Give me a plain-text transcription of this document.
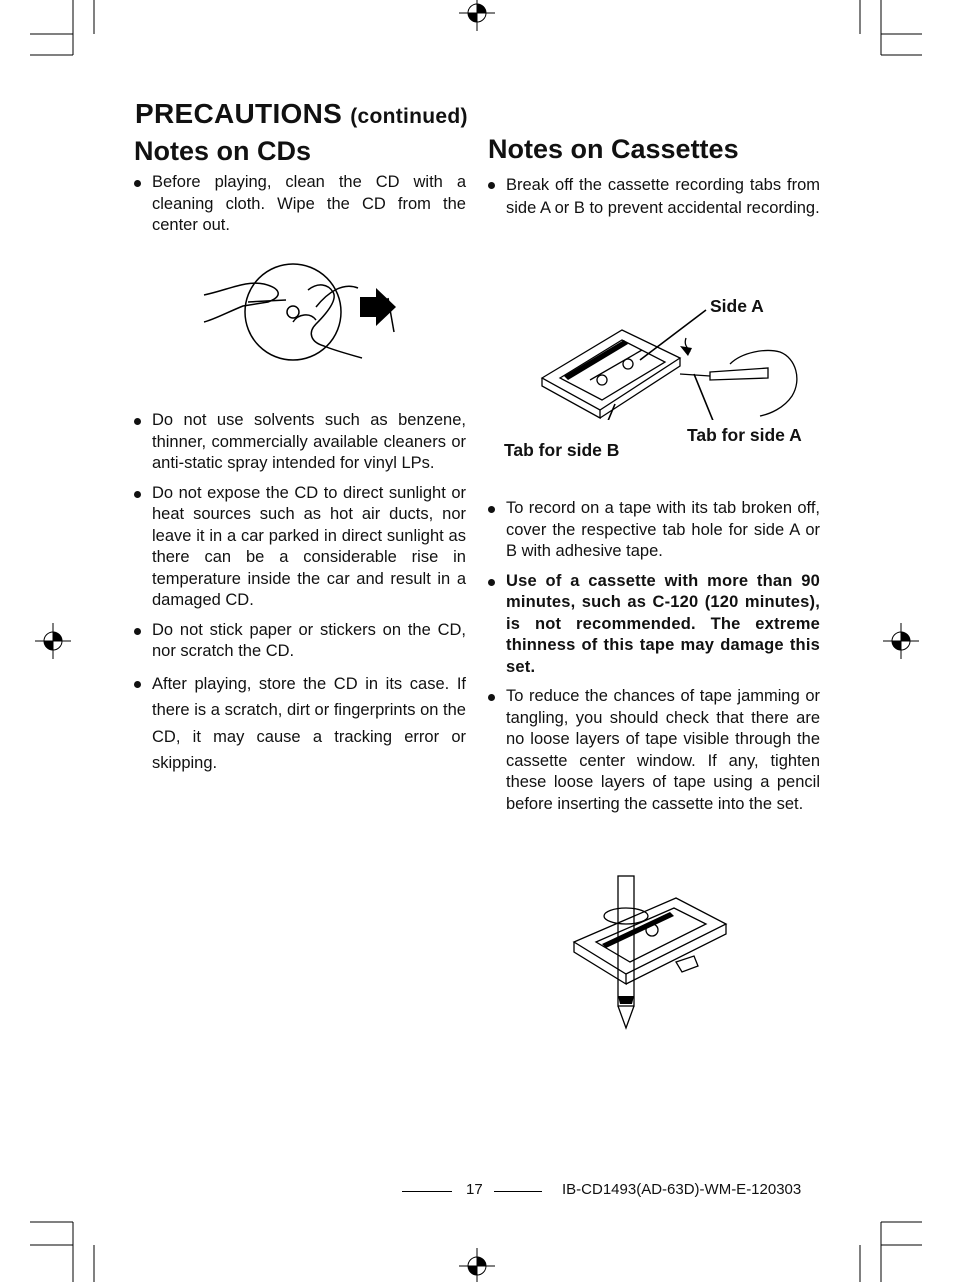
PRECAUTIONS (continued)
Notes on CDs
Before playing, clean the CD with a cleaning cloth. Wipe the CD from the center out.
Do not use solvents such as benzene, thinner, commercially available cleaners or anti-static spray intended for vinyl LPs.
Do not expose the CD to direct sunlight or heat sources such as hot air ducts, nor leave it in a car parked in direct sunlight as there can be a considerable rise in temperature inside the car and result in a damaged CD.
Do not stick paper or stickers on the CD, nor scratch the CD.
After playing, store the CD in its case. If there is a scratch, dirt or fingerprints on the CD, it may cause a tracking error or skipping.
Notes on Cassettes
Break off the cassette recording tabs from side A or B to prevent accidental recording.
Side A
Tab for side A
Tab for side B
To record on a tape with its tab broken off, cover the respective tab hole for side A or B with adhesive tape.
Use of a cassette with more than 90 minutes, such as C-120 (120 minutes), is not recommended. The extreme thinness of this tape may damage this set.
To reduce the chances of tape jamming or tangling, you should check that there are no loose layers of tape visible through the cassette center window. If any, tighten these loose layers of tape using a pencil before inserting the cassette into the set.
17	IB-CD1493(AD-63D)-WM-E-120303
